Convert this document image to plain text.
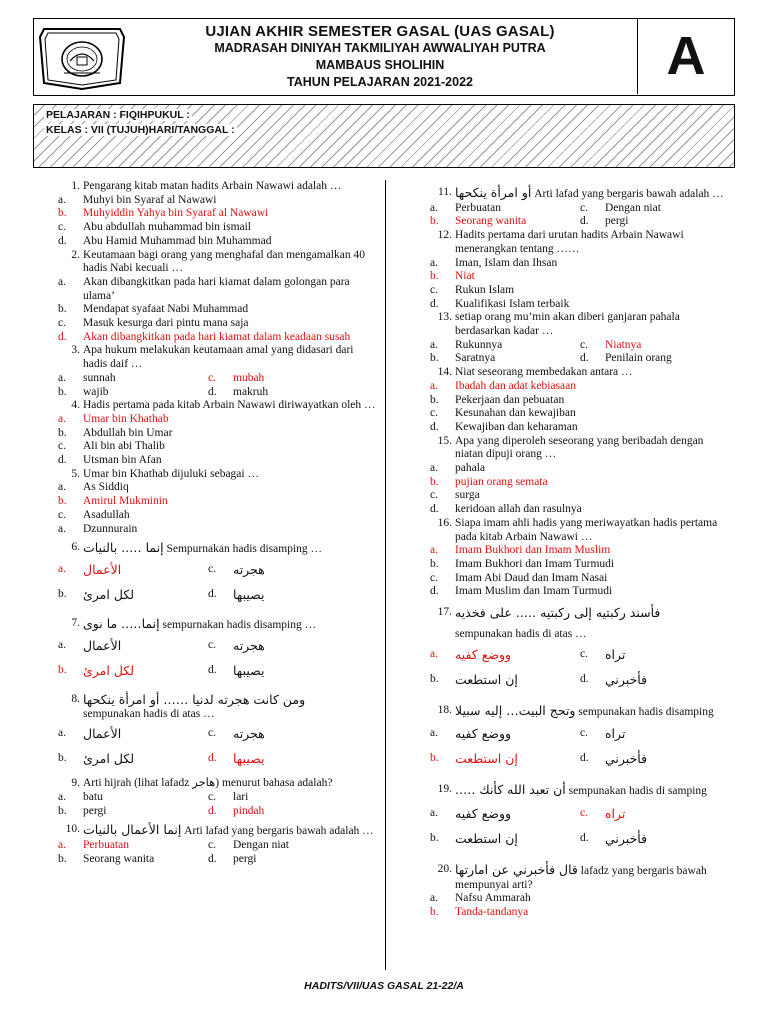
UJIAN AKHIR SEMESTER GASAL (UAS GASAL)
MADRASAH DINIYAH TAKMILIYAH AWWALIYAH PUTRA
MAMBAUS SHOLIHIN
TAHUN PELAJARAN 2021-2022	A
PELAJARAN : FIQIHPUKUL :
KELAS : VII (TUJUH)HARI/TANGGAL :
1. Pengarang kitab matan hadits Arbain Nawawi adalah …
a. Muhyi bin Syaraf al Nawawi
b. Muhyiddin Yahya bin Syaraf al Nawawi
c. Abu abdullah muhammad bin ismail
d. Abu Hamid Muhammad bin Muhammad
2. Keutamaan bagi orang yang menghafal dan mengamalkan 40 hadis Nabi kecuali …
a. Akan dibangkitkan pada hari kiamat dalam golongan para ulama’
b. Mendapat syafaat Nabi Muhammad
c. Masuk kesurga dari pintu mana saja
d. Akan dibangkitkan pada hari kiamat dalam keadaan susah
3. Apa hukum melakukan keutamaan amal yang didasari dari hadis daif …
a. sunnah	c. mubah
b. wajib	d. makruh
4. Hadis pertama pada kitab Arbain Nawawi diriwayatkan oleh …
a. Umar bin Khathab
b. Abdullah bin Umar
c. Ali bin abi Thalib
d. Utsman bin Afan
5. Umar bin Khathab dijuluki sebagai …
a. As Siddiq
b. Amirul Mukminin
c. Asadullah
a. Dzunnurain
6. إنما ….. بالنيات Sempurnakan hadis disamping …
a. الأعمال	c. هجرته
b. لكل امرئ	d. يصيبها
7. إنما….. ما نوى sempurnakan hadis disamping …
a. الأعمال	c. هجرته
b. لكل امرئ	d. يصيبها
8. ومن كانت هجرته لدنيا …… أو امرأة ينكحها
sempunakan hadis di atas …
a. الأعمال	c. هجرته
b. لكل امرئ	d. يصيبها
9. Arti hijrah (lihat lafadz هاجر) menurut bahasa adalah?
a. batu	c. lari
b. pergi	d. pindah
10. إنما الأعمال بالنيات Arti lafad yang bergaris bawah adalah …
a. Perbuatan	c. Dengan niat
b. Seorang wanita	d. pergi
11. أو امرأة ينكحها Arti lafad yang bergaris bawah adalah …
a. Perbuatan	c. Dengan niat
b. Seorang wanita	d. pergi
12. Hadits pertama dari urutan hadits Arbain Nawawi menerangkan tentang ……
a. Iman, Islam dan Ihsan
b. Niat
c. Rukun Islam
d. Kualifikasi Islam terbaik
13. setiap orang mu’min akan diberi ganjaran pahala berdasarkan kadar …
a. Rukunnya	c. Niatnya
b. Saratnya	d. Penilain orang
14. Niat seseorang membedakan antara …
a. Ibadah dan adat kebiasaan
b. Pekerjaan dan pebuatan
c. Kesunahan dan kewajiban
d. Kewajiban dan keharaman
15. Apa yang diperoleh seseorang yang beribadah dengan niatan dipuji orang …
a. pahala
b. pujian orang semata
c. surga
d. keridoan allah dan rasulnya
16. Siapa imam ahli hadis yang meriwayatkan hadis pertama pada kitab Arbain Nawawi …
a. Imam Bukhori dan Imam Muslim
b. Imam Bukhori dan Imam Turmudi
c. Imam Abi Daud dan Imam Nasai
d. Imam Muslim dan Imam Turmudi
17. فأسند ركبتيه إلى ركبتيه ….. على فخذيه
sempunakan hadis di atas …
a. ووضع كفيه	c. تراه
b. إن استطعت	d. فأخبرني
18. وتحج البيت… إليه سبيلا sempunakan hadis disamping
a. ووضع كفيه	c. تراه
b. إن استطعت	d. فأخبرني
19. أن تعبد الله كأنك ….. sempunakan hadis di samping
a. ووضع كفيه	c. تراه
b. إن استطعت	d. فأخبرني
20. قال فأخبرني عن امارتها lafadz yang bergaris bawah mempunyai arti?
a. Nafsu Ammarah
b. Tanda-tandanya
HADITS/VII/UAS GASAL 21-22/A
